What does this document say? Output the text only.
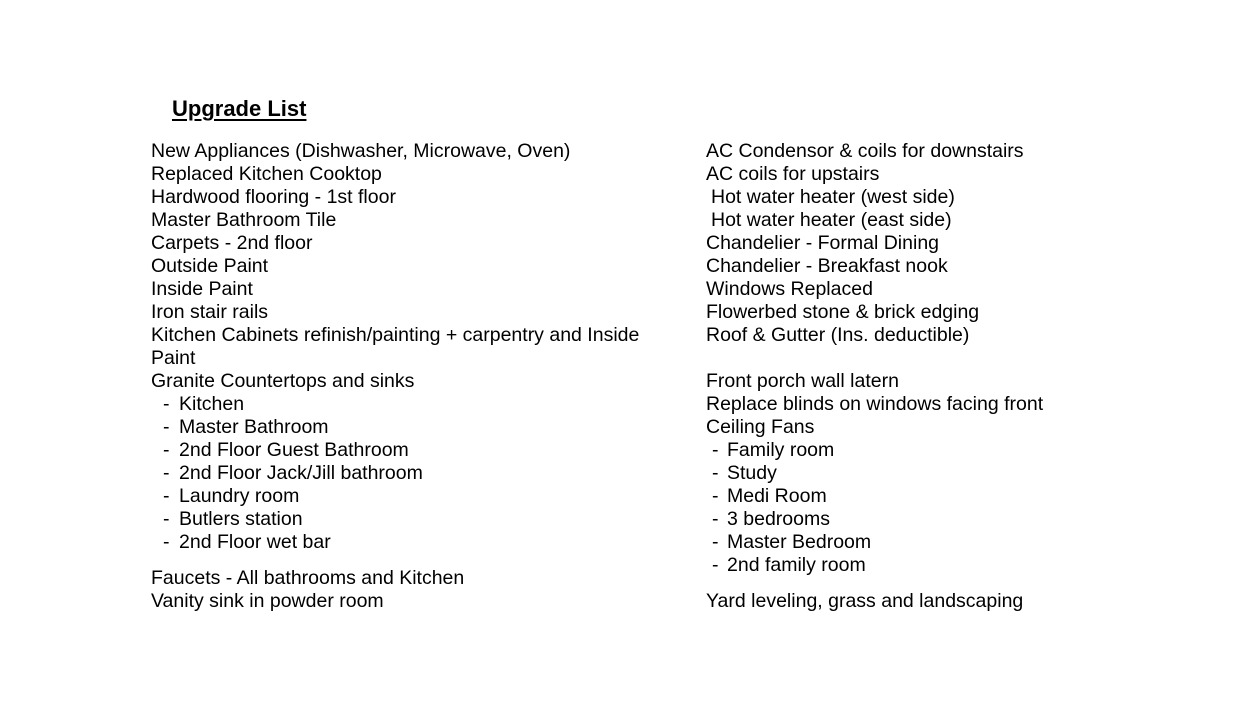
Upgrade List
New Appliances (Dishwasher, Microwave, Oven)
Replaced Kitchen Cooktop
Hardwood flooring - 1st floor
Master Bathroom Tile
Carpets - 2nd floor
Outside Paint
Inside Paint
Iron stair rails
Kitchen Cabinets refinish/painting + carpentry and Inside Paint
Granite Countertops and sinks
- Kitchen
- Master Bathroom
- 2nd Floor Guest Bathroom
- 2nd Floor Jack/Jill bathroom
- Laundry room
- Butlers station
- 2nd Floor wet bar
Faucets - All bathrooms and Kitchen
Vanity sink in powder room
AC Condensor & coils for downstairs
AC coils for upstairs
Hot water heater (west side)
Hot water heater (east side)
Chandelier - Formal Dining
Chandelier - Breakfast nook
Windows Replaced
Flowerbed stone & brick edging
Roof & Gutter (Ins. deductible)
Front porch wall latern
Replace blinds on windows facing front
Ceiling Fans
- Family room
- Study
- Medi Room
- 3 bedrooms
- Master Bedroom
- 2nd family room
Yard leveling, grass and landscaping
